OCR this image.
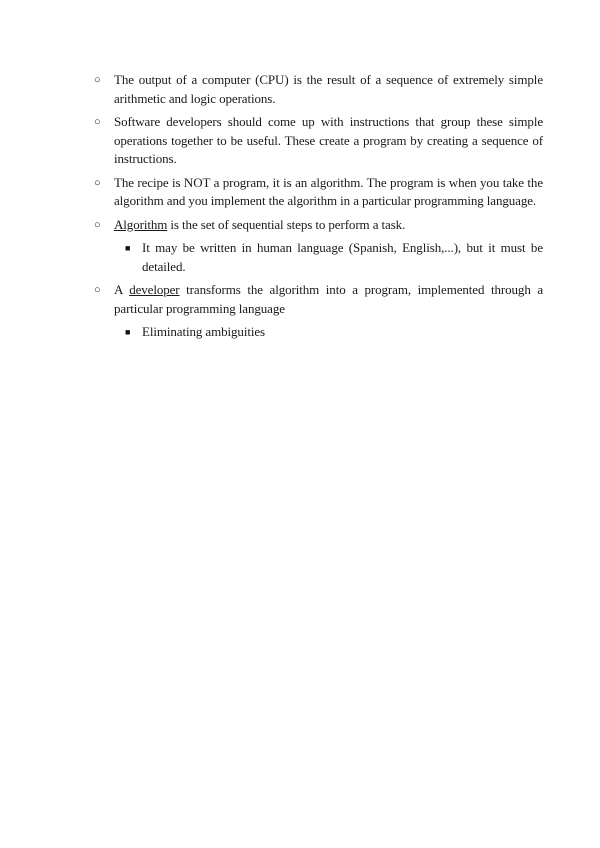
○ The output of a computer (CPU) is the result of a sequence of extremely simple arithmetic and logic operations.
○ Software developers should come up with instructions that group these simple operations together to be useful. These create a program by creating a sequence of instructions.
○ The recipe is NOT a program, it is an algorithm. The program is when you take the algorithm and you implement the algorithm in a particular programming language.
○ Algorithm is the set of sequential steps to perform a task.
■ It may be written in human language (Spanish, English,...), but it must be detailed.
○ A developer transforms the algorithm into a program, implemented through a particular programming language
■ Eliminating ambiguities
